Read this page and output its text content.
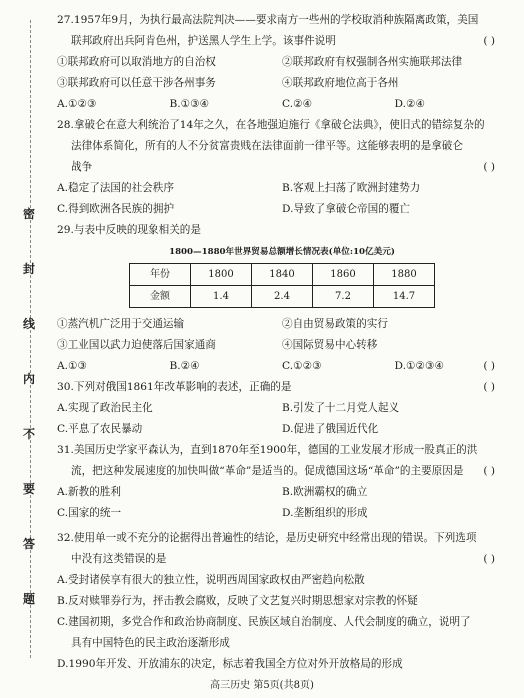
密
封
线
内
不
要
答
题
27.1957年9月，为执行最高法院判决——要求南方一些州的学校取消种族隔离政策，美国
联邦政府出兵阿肯色州，护送黑人学生上学。该事件说明	( )
①联邦政府可以取消地方的自治权	②联邦政府有权强制各州实施联邦法律
③联邦政府可以任意干涉各州事务	④联邦政府地位高于各州
A.①②③	B.①③④	C.②④	D.②④
28.拿破仑在意大利统治了14年之久，在各地强迫施行《拿破仑法典》，使旧式的错综复杂的
法律体系简化，所有的人不分贫富贵贱在法律面前一律平等。这能够表明的是拿破仑
战争	( )
A.稳定了法国的社会秩序	B.客观上扫荡了欧洲封建势力
C.得到欧洲各民族的拥护	D.导致了拿破仑帝国的覆亡
29.与表中反映的现象相关的是
1800—1880年世界贸易总额增长情况表(单位:10亿美元)
年份	1800	1840	1860	1880
金额	1.4	2.4	7.2	14.7
①蒸汽机广泛用于交通运输	②自由贸易政策的实行
③工业国以武力迫使落后国家通商	④国际贸易中心转移
A.①③	B.②④	C.①②③	D.①②③④	( )
30.下列对俄国1861年改革影响的表述，正确的是	( )
A.实现了政治民主化	B.引发了十二月党人起义
C.平息了农民暴动	D.促进了俄国近代化
31.美国历史学家平森认为，直到1870年至1900年，德国的工业发展才形成一股真正的洪
流，把这种发展速度的加快叫做“革命”是适当的。促成德国这场“革命”的主要原因是 ( )
A.新教的胜利	B.欧洲霸权的确立
C.国家的统一	D.垄断组织的形成
32.使用单一或不充分的论据得出普遍性的结论，是历史研究中经常出现的错误。下列选项
中没有这类错误的是	( )
A.受封诸侯享有很大的独立性，说明西周国家政权由严密趋向松散
B.反对赎罪券行为，抨击教会腐败，反映了文艺复兴时期思想家对宗教的怀疑
C.建国初期，多党合作和政治协商制度、民族区域自治制度、人代会制度的确立，说明了
具有中国特色的民主政治逐渐形成
D.1990年开发、开放浦东的决定，标志着我国全方位对外开放格局的形成
高三历史 第5页(共8页)
